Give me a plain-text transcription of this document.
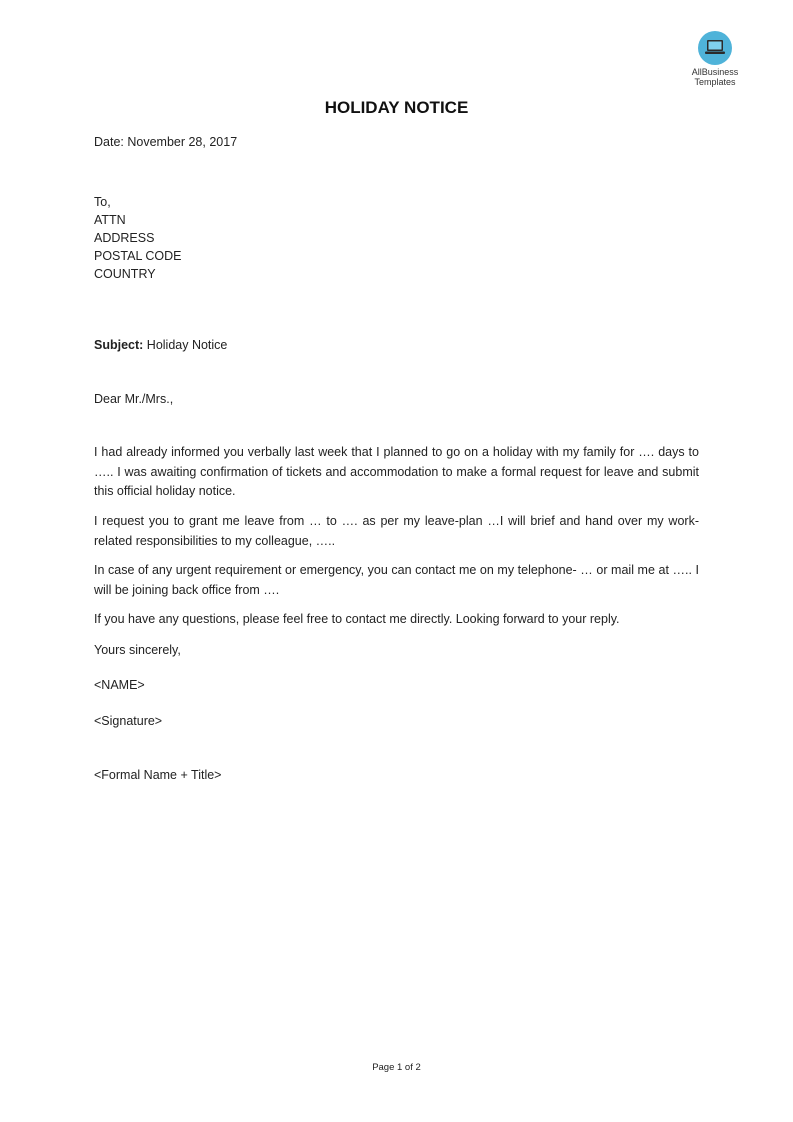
AllBusiness
Templates
HOLIDAY NOTICE
Date: November 28, 2017
To,
ATTN
ADDRESS
POSTAL CODE
COUNTRY
Subject: Holiday Notice
Dear Mr./Mrs.,
I had already informed you verbally last week that I planned to go on a holiday with my family for …. days to ….. I was awaiting confirmation of tickets and accommodation to make a formal request for leave and submit this official holiday notice.
I request you to grant me leave from … to …. as per my leave-plan …I will brief and hand over my work-related responsibilities to my colleague, …..
In case of any urgent requirement or emergency, you can contact me on my telephone- … or mail me at ….. I will be joining back office from ….
If you have any questions, please feel free to contact me directly. Looking forward to your reply.
Yours sincerely,
<NAME>
<Signature>
<Formal Name + Title>
Page 1 of 2
